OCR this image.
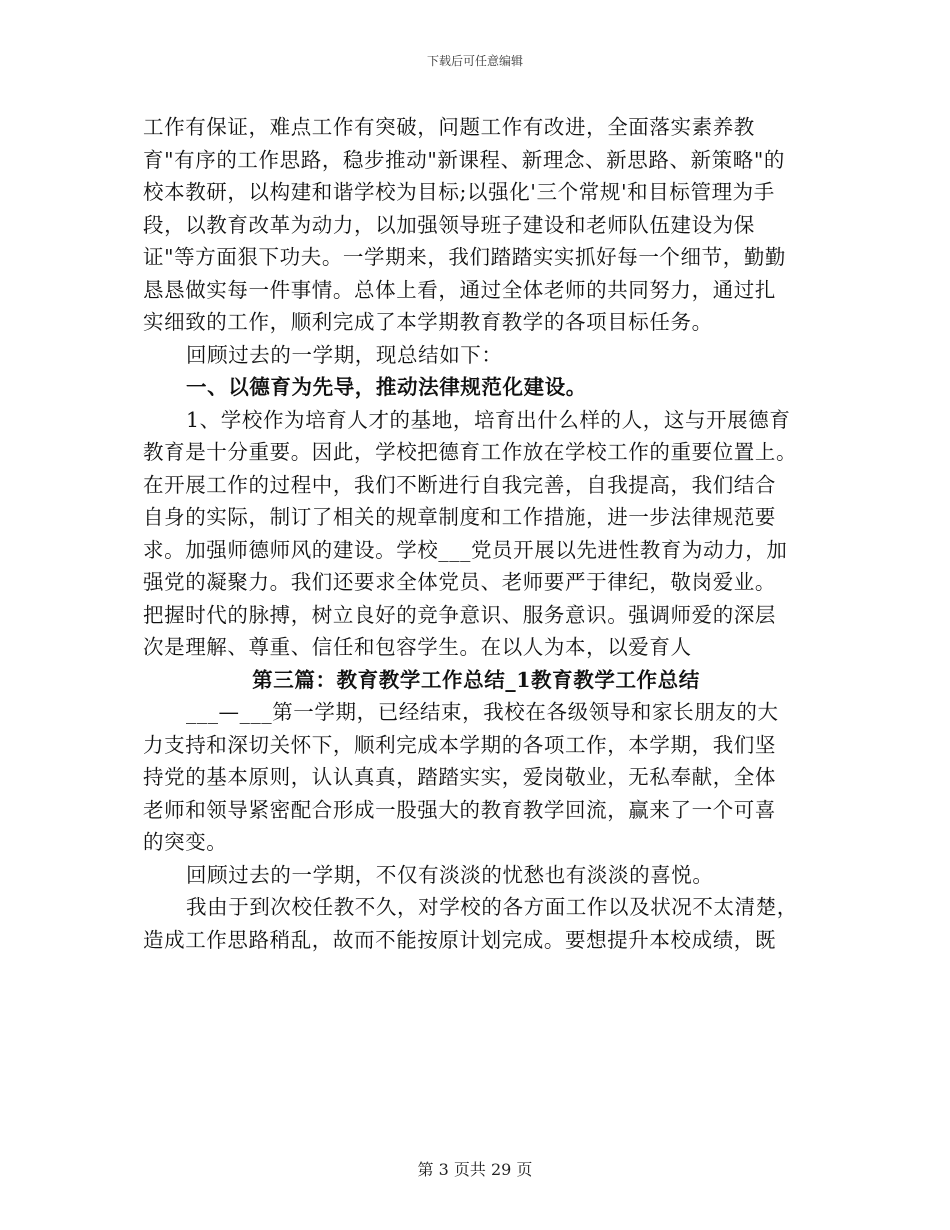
下载后可任意编辑
工作有保证，难点工作有突破，问题工作有改进，全面落实素养教
育"有序的工作思路，稳步推动"新课程、新理念、新思路、新策略"的
校本教研，以构建和谐学校为目标;以强化'三个常规'和目标管理为手
段，以教育改革为动力，以加强领导班子建设和老师队伍建设为保
证"等方面狠下功夫。一学期来，我们踏踏实实抓好每一个细节，勤勤
恳恳做实每一件事情。总体上看，通过全体老师的共同努力，通过扎
实细致的工作，顺利完成了本学期教育教学的各项目标任务。
回顾过去的一学期，现总结如下：
一、以德育为先导，推动法律规范化建设。
1、学校作为培育人才的基地，培育出什么样的人，这与开展德育
教育是十分重要。因此，学校把德育工作放在学校工作的重要位置上。
在开展工作的过程中，我们不断进行自我完善，自我提高，我们结合
自身的实际，制订了相关的规章制度和工作措施，进一步法律规范要
求。加强师德师风的建设。学校___党员开展以先进性教育为动力，加
强党的凝聚力。我们还要求全体党员、老师要严于律纪，敬岗爱业。
把握时代的脉搏，树立良好的竞争意识、服务意识。强调师爱的深层
次是理解、尊重、信任和包容学生。在以人为本，以爱育人
第三篇：教育教学工作总结_1教育教学工作总结
___—___第一学期，已经结束，我校在各级领导和家长朋友的大
力支持和深切关怀下，顺利完成本学期的各项工作，本学期，我们坚
持党的基本原则，认认真真，踏踏实实，爱岗敬业，无私奉献，全体
老师和领导紧密配合形成一股强大的教育教学回流，赢来了一个可喜
的突变。
回顾过去的一学期，不仅有淡淡的忧愁也有淡淡的喜悦。
我由于到次校任教不久，对学校的各方面工作以及状况不太清楚，
造成工作思路稍乱，故而不能按原计划完成。要想提升本校成绩，既
第 3 页共 29 页
